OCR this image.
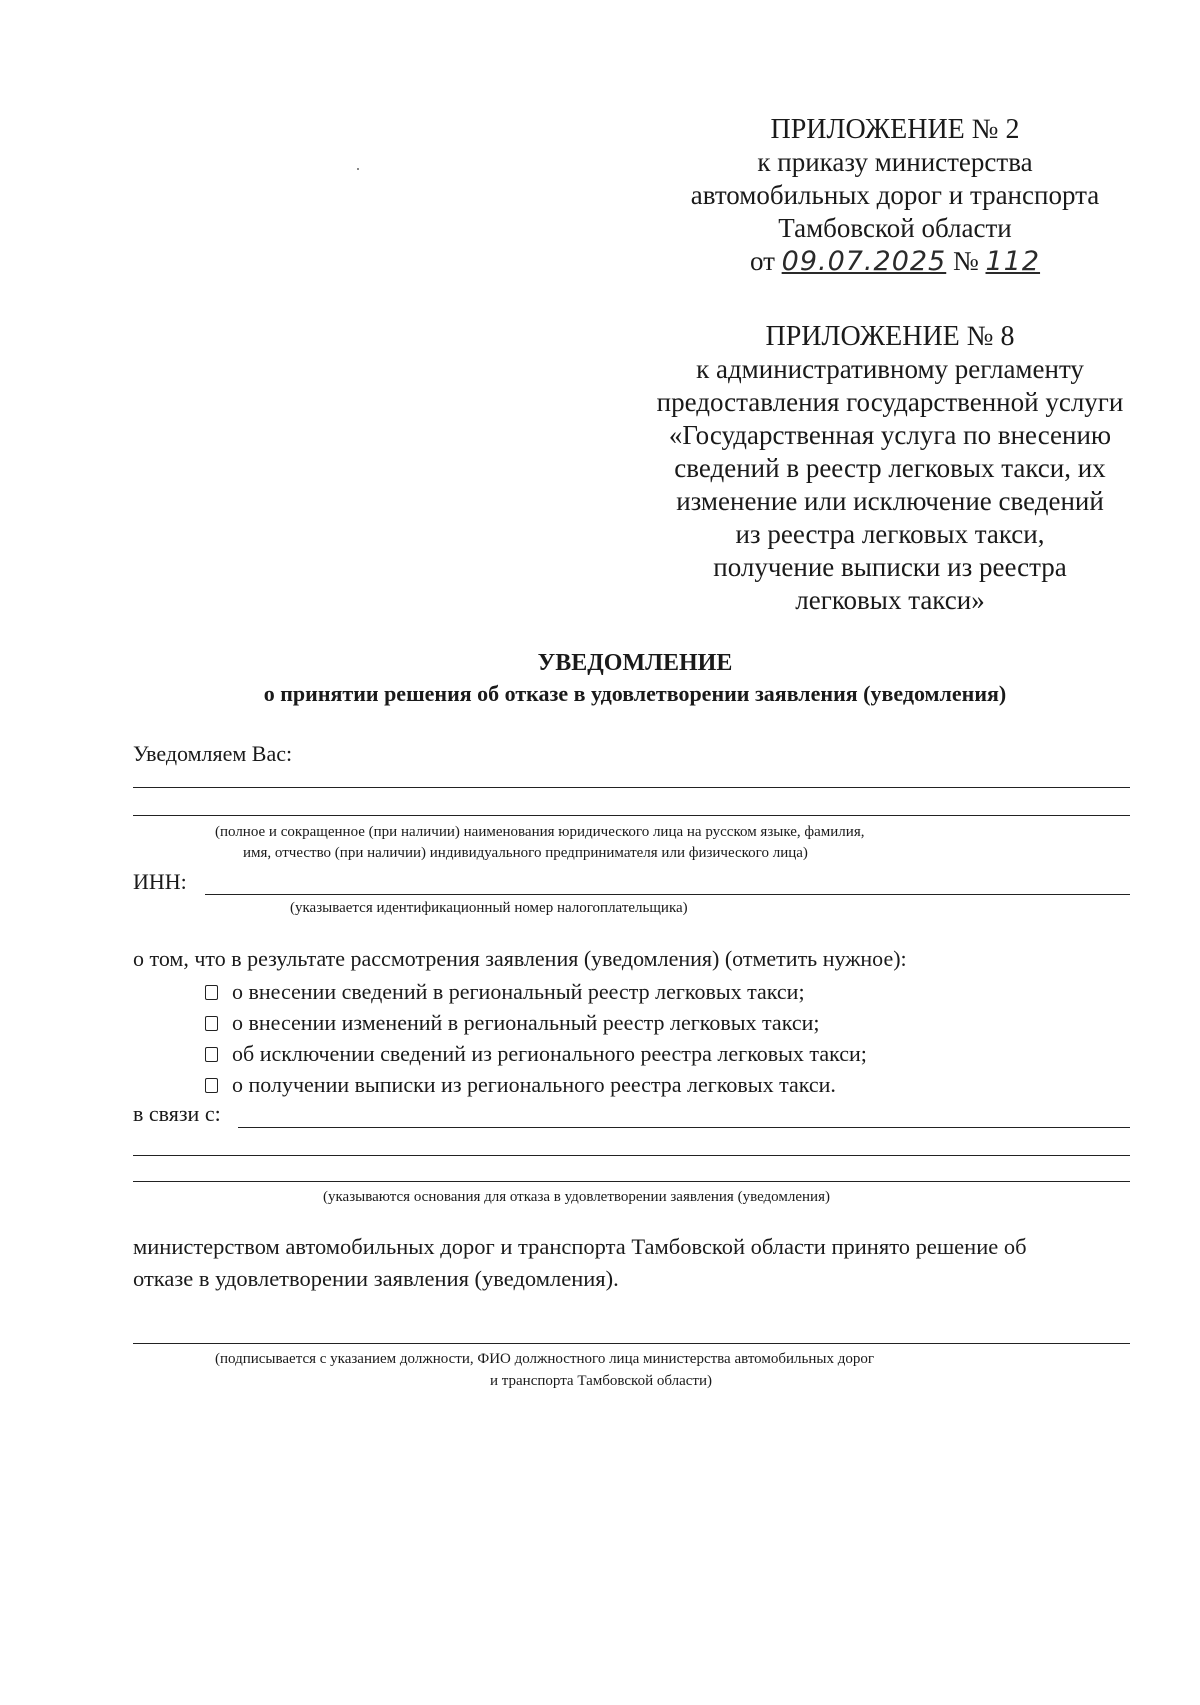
ПРИЛОЖЕНИЕ № 2
к приказу министерства
автомобильных дорог и транспорта
Тамбовской области
от 09.07.2025 № 112
ПРИЛОЖЕНИЕ № 8
к административному регламенту
предоставления государственной услуги
«Государственная услуга по внесению
сведений в реестр легковых такси, их
изменение или исключение сведений
из реестра легковых такси,
получение выписки из реестра
легковых такси»
УВЕДОМЛЕНИЕ
о принятии решения об отказе в удовлетворении заявления (уведомления)
Уведомляем Вас:
(полное и сокращенное (при наличии) наименования юридического лица на русском языке, фамилия,
имя, отчество (при наличии) индивидуального предпринимателя или физического лица)
ИНН:
(указывается идентификационный номер налогоплательщика)
о том, что в результате рассмотрения заявления (уведомления) (отметить нужное):
о внесении сведений в региональный реестр легковых такси;
о внесении изменений в региональный реестр легковых такси;
об исключении сведений из регионального реестра легковых такси;
о получении выписки из регионального реестра легковых такси.
в связи с:
(указываются основания для отказа в удовлетворении заявления (уведомления)
министерством автомобильных дорог и транспорта Тамбовской области принято решение об
отказе в удовлетворении заявления (уведомления).
(подписывается с указанием должности, ФИО должностного лица министерства автомобильных дорог
и транспорта Тамбовской области)
